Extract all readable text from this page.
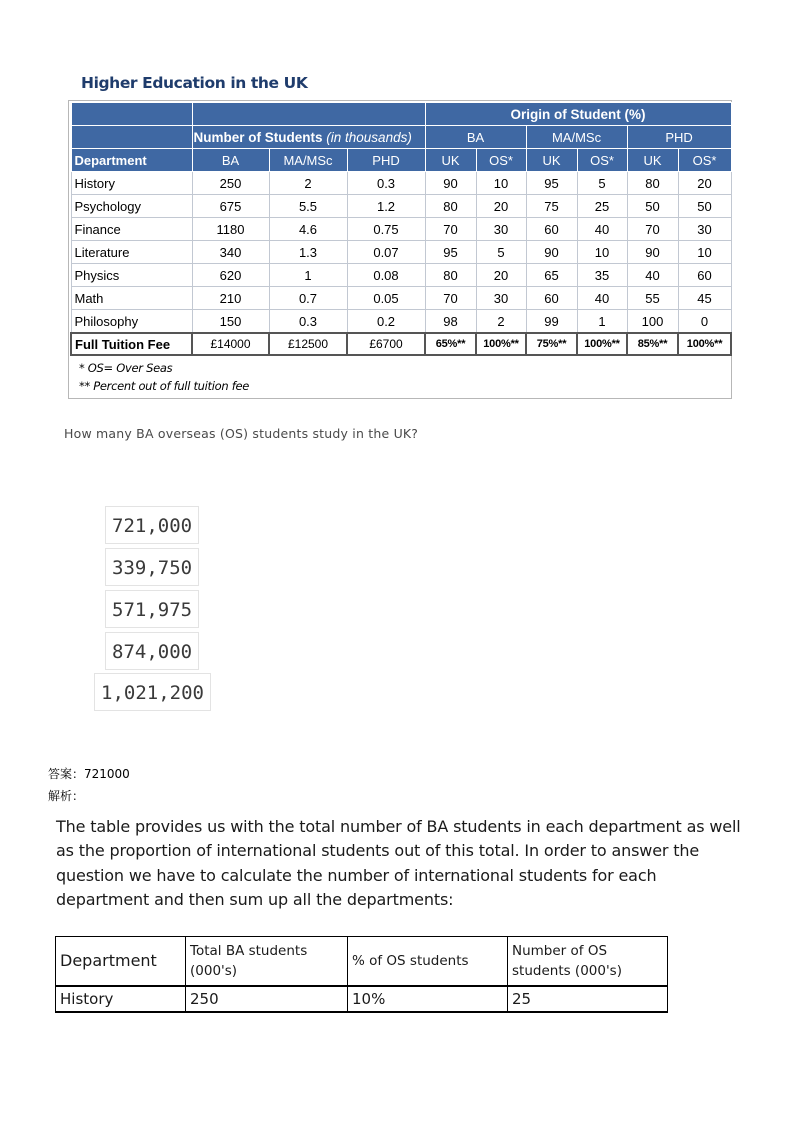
Higher Education in the UK
				Origin of Student (%)					
	Number of Students (in thousands)			BA		MA/MSc		PHD	
Department	BA	MA/MSc	PHD	UK	OS*	UK	OS*	UK	OS*
History	250	2	0.3	90	10	95	5	80	20
Psychology	675	5.5	1.2	80	20	75	25	50	50
Finance	1180	4.6	0.75	70	30	60	40	70	30
Literature	340	1.3	0.07	95	5	90	10	90	10
Physics	620	1	0.08	80	20	65	35	40	60
Math	210	0.7	0.05	70	30	60	40	55	45
Philosophy	150	0.3	0.2	98	2	99	1	100	0
Full Tuition Fee	£14000	£12500	£6700	65%**	100%**	75%**	100%**	85%**	100%**
* OS= Over Seas
** Percent out of full tuition fee
How many BA overseas (OS) students study in the UK?
721,000
339,750
571,975
874,000
1,021,200
答案：721000
解析：
The table provides us with the total number of BA students in each department as well as the proportion of international students out of this total. In order to answer the question we have to calculate the number of international students for each department and then sum up all the departments:
Department	Total BA students (000's)	% of OS students	Number of OS students (000's)
History	250	10%	25
